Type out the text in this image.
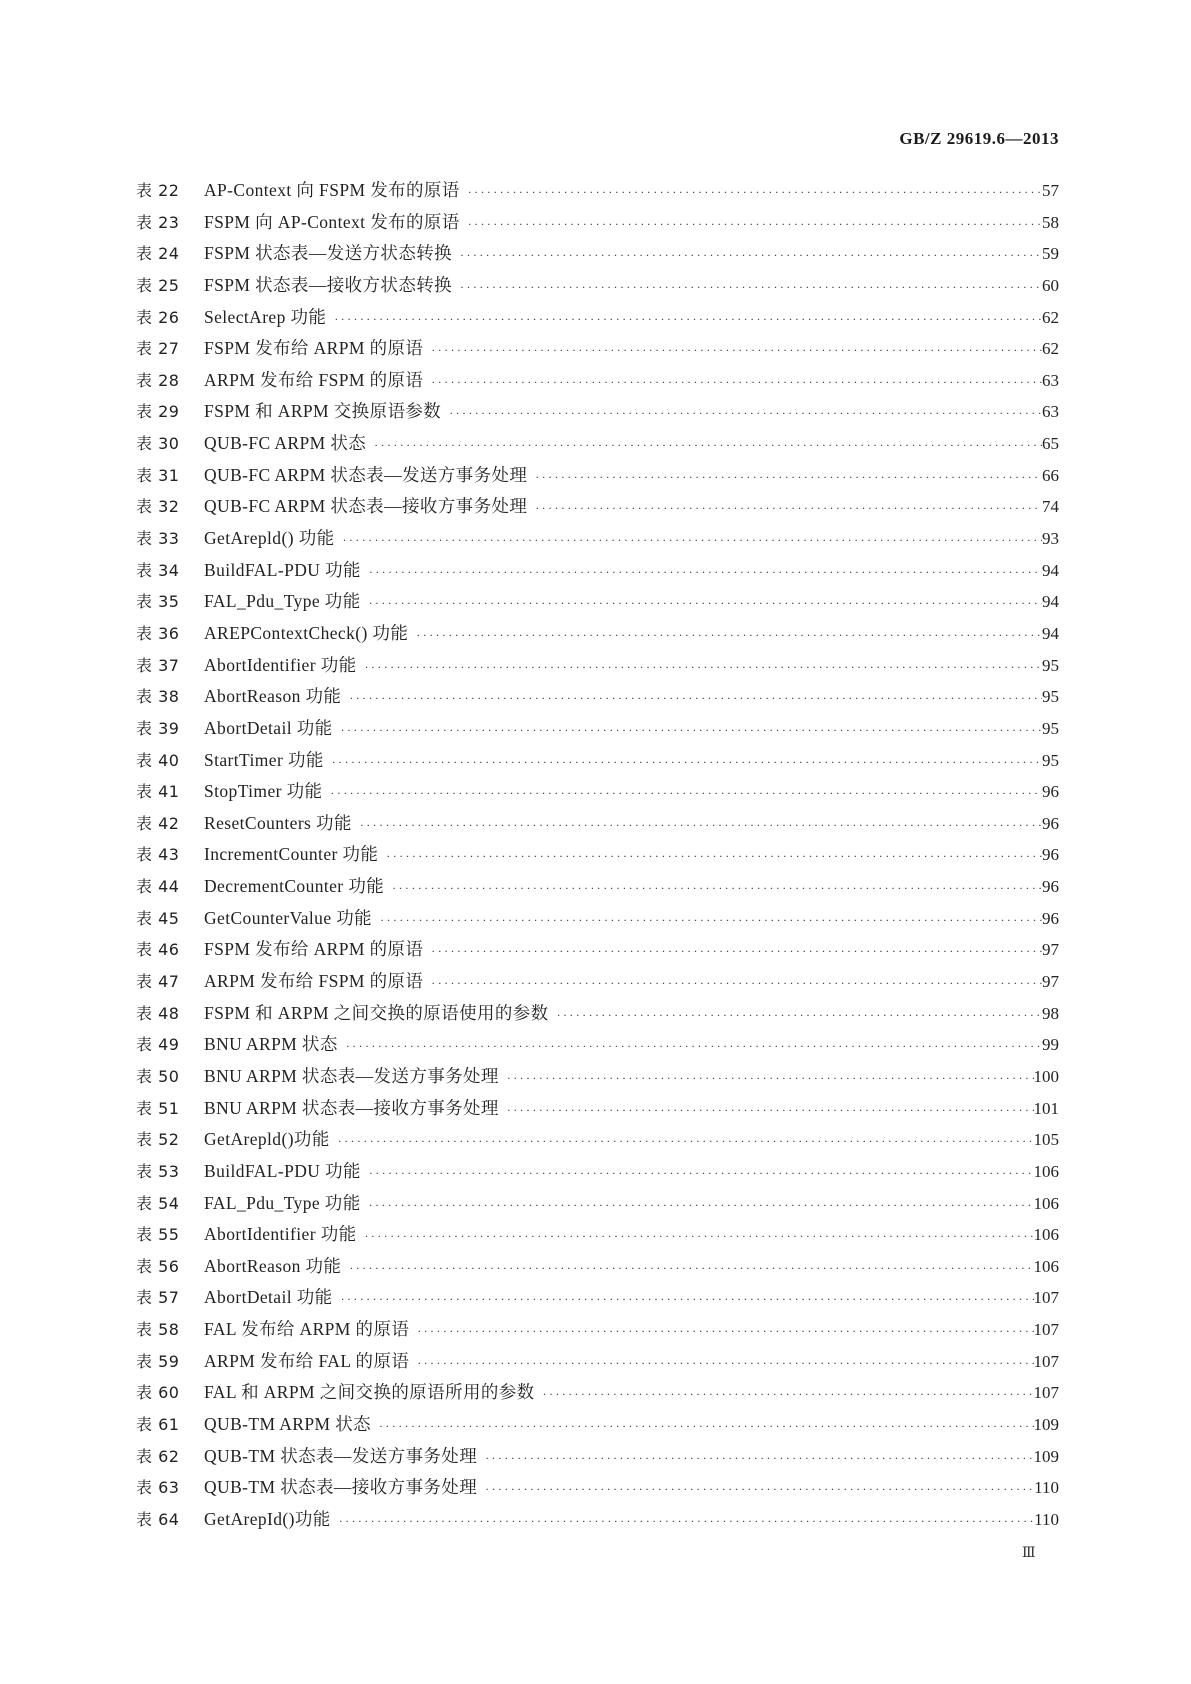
GB/Z 29619.6—2013
表 22	AP-Context 向 FSPM 发布的原语 ·····	57
表 23	FSPM 向 AP-Context 发布的原语 ·····	58
表 24	FSPM 状态表—发送方状态转换 ·····	59
表 25	FSPM 状态表—接收方状态转换 ·····	60
表 26	SelectArep 功能 ·····	62
表 27	FSPM 发布给 ARPM 的原语 ·····	62
表 28	ARPM 发布给 FSPM 的原语 ·····	63
表 29	FSPM 和 ARPM 交换原语参数 ·····	63
表 30	QUB-FC ARPM 状态 ·····	65
表 31	QUB-FC ARPM 状态表—发送方事务处理 ·····	66
表 32	QUB-FC ARPM 状态表—接收方事务处理 ·····	74
表 33	GetArepld() 功能 ·····	93
表 34	BuildFAL-PDU 功能 ·····	94
表 35	FAL_Pdu_Type 功能 ·····	94
表 36	AREPContextCheck() 功能 ·····	94
表 37	AbortIdentifier 功能 ·····	95
表 38	AbortReason 功能 ·····	95
表 39	AbortDetail 功能 ·····	95
表 40	StartTimer 功能 ·····	95
表 41	StopTimer 功能 ·····	96
表 42	ResetCounters 功能 ·····	96
表 43	IncrementCounter 功能 ·····	96
表 44	DecrementCounter 功能 ·····	96
表 45	GetCounterValue 功能 ·····	96
表 46	FSPM 发布给 ARPM 的原语 ·····	97
表 47	ARPM 发布给 FSPM 的原语 ·····	97
表 48	FSPM 和 ARPM 之间交换的原语使用的参数 ·····	98
表 49	BNU ARPM 状态 ·····	99
表 50	BNU ARPM 状态表—发送方事务处理 ·····	100
表 51	BNU ARPM 状态表—接收方事务处理 ·····	101
表 52	GetArepld()功能 ·····	105
表 53	BuildFAL-PDU 功能 ·····	106
表 54	FAL_Pdu_Type 功能 ·····	106
表 55	AbortIdentifier 功能 ·····	106
表 56	AbortReason 功能 ·····	106
表 57	AbortDetail 功能 ·····	107
表 58	FAL 发布给 ARPM 的原语 ·····	107
表 59	ARPM 发布给 FAL 的原语 ·····	107
表 60	FAL 和 ARPM 之间交换的原语所用的参数 ·····	107
表 61	QUB-TM ARPM 状态 ·····	109
表 62	QUB-TM 状态表—发送方事务处理 ·····	109
表 63	QUB-TM 状态表—接收方事务处理 ·····	110
表 64	GetArepId()功能 ·····	110
Ⅲ
